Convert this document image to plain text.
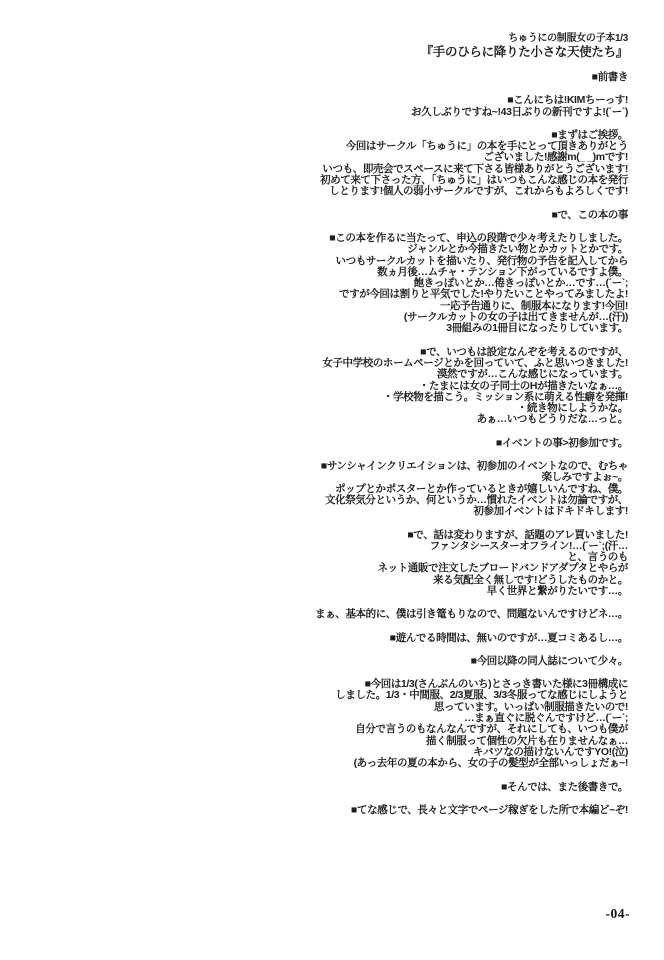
ちゅうにの制服女の子本1/3
『手のひらに降りた小さな天使たち』
■前書き
■こんにちは!KIMちーっす!
お久しぶりですね~!43日ぶりの新刊ですよ!(´ー`)
■まずはご挨拶。
今回はサークル「ちゅうに」の本を手にとって頂きありがとう
ございました!感謝m(_ _)mです!
いつも、即売会でスペースに来て下さる皆様ありがとうございます!
初めて来て下さった方、「ちゅうに」はいつもこんな感じの本を発行
しとります!個人の弱小サークルですが、これからもよろしくです!
■で、この本の事
■この本を作るに当たって、申込の段階で少々考えたりしました。
ジャンルとか今描きたい物とかカットとかです。
いつもサークルカットを描いたり、発行物の予告を記入してから
数ヵ月後…ムチャ・テンション下がっているですよ僕。
飽きっぽいとか…倦きっぽいとか…です…(´ー`;
ですが今回は割りと平気でした!やりたいことやってみましたよ!
一応予告通りに、制服本になります!今回!
(サークルカットの女の子は出てきませんが…(汗))
3冊組みの1冊目になったりしています。
■で、いつもは設定なんぞを考えるのですが、
女子中学校のホームページとかを回っていて、ふと思いつきました!
漠然ですが…こんな感じになっています。
・たまには女の子同士のHが描きたいなぁ…。
・学校物を描こう。ミッション系に萌える性癖を発揮!
・続き物にしようかな。
あぁ…いつもどうりだな…っと。
■イベントの事>初参加です。
■サンシャインクリエイションは、初参加のイベントなので、むちゃ
楽しみですよぉ~。
ポップとかポスターとか作っているときが嬉しいんですね、僕。
文化祭気分というか、何というか…慣れたイベントは勿論ですが、
初参加イベントはドキドキします!
■で、話は変わりますが、話題のアレ買いました!
ファンタシースターオフライン!…(´ー`;(汗…
と、言うのも
ネット通販で注文したブロードバンドアダプタとやらが
来る気配全く無しです!どうしたものかと。
早く世界と繋がりたいです…。
まぁ、基本的に、僕は引き篭もりなので、問題ないんですけどネ…。
■遊んでる時間は、無いのですが…夏コミあるし…。
■今回以降の同人誌について少々。
■今回は1/3(さんぶんのいち)とさっき書いた様に3冊構成に
しました。1/3・中間服、2/3夏服、3/3冬服ってな感じにしようと
思っています。いっぱい制服描きたいので!
…まぁ直ぐに脱ぐんですけど…(´ー`;
自分で言うのもなんなんですが、それにしても、いつも僕が
描く制服って個性の欠片も在りませんなぁ…
キバツなの描けないんですYO!(泣)
(あっ去年の夏の本から、女の子の髪型が全部いっしょだぁ~!
■そんでは、また後書きで。
■てな感じで、長々と文字でページ稼ぎをした所で本編ど~ぞ!
-04-
